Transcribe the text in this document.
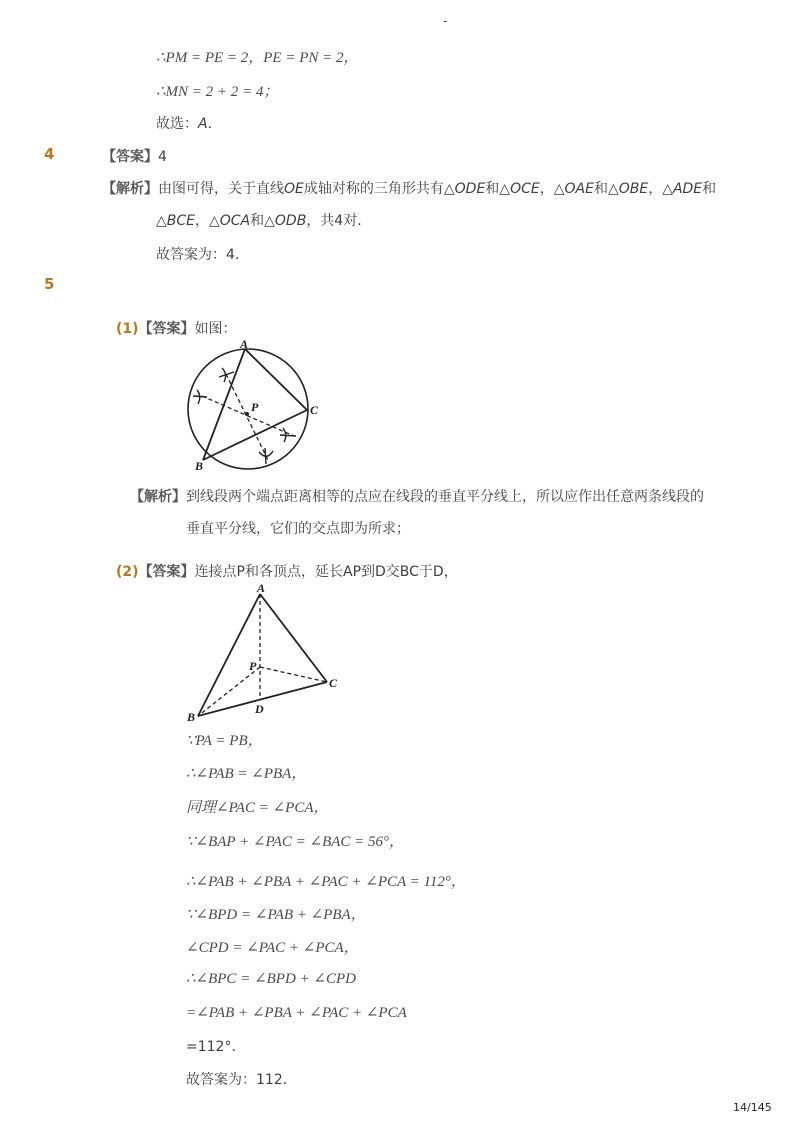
-
∴PM = PE = 2，PE = PN = 2，
∴MN = 2 + 2 = 4；
故选：A.
4	【答案】4
【解析】由图可得，关于直线OE成轴对称的三角形共有△ODE和△OCE，△OAE和△OBE，△ADE和
△BCE，△OCA和△ODB，共4对．
故答案为：4．
5
(1)【答案】如图：
A
B
C
P
【解析】到线段两个端点距离相等的点应在线段的垂直平分线上，所以应作出任意两条线段的
垂直平分线，它们的交点即为所求；
(2)【答案】连接点P和各顶点，延长AP到D交BC于D，
A
B
C
P
D
∵PA = PB，
∴∠PAB = ∠PBA，
同理∠PAC = ∠PCA，
∵∠BAP + ∠PAC = ∠BAC = 56°，
∴∠PAB + ∠PBA + ∠PAC + ∠PCA = 112°，
∵∠BPD = ∠PAB + ∠PBA，
∠CPD = ∠PAC + ∠PCA，
∴∠BPC = ∠BPD + ∠CPD
=∠PAB + ∠PBA + ∠PAC + ∠PCA
=112°．
故答案为：112．
14/145
